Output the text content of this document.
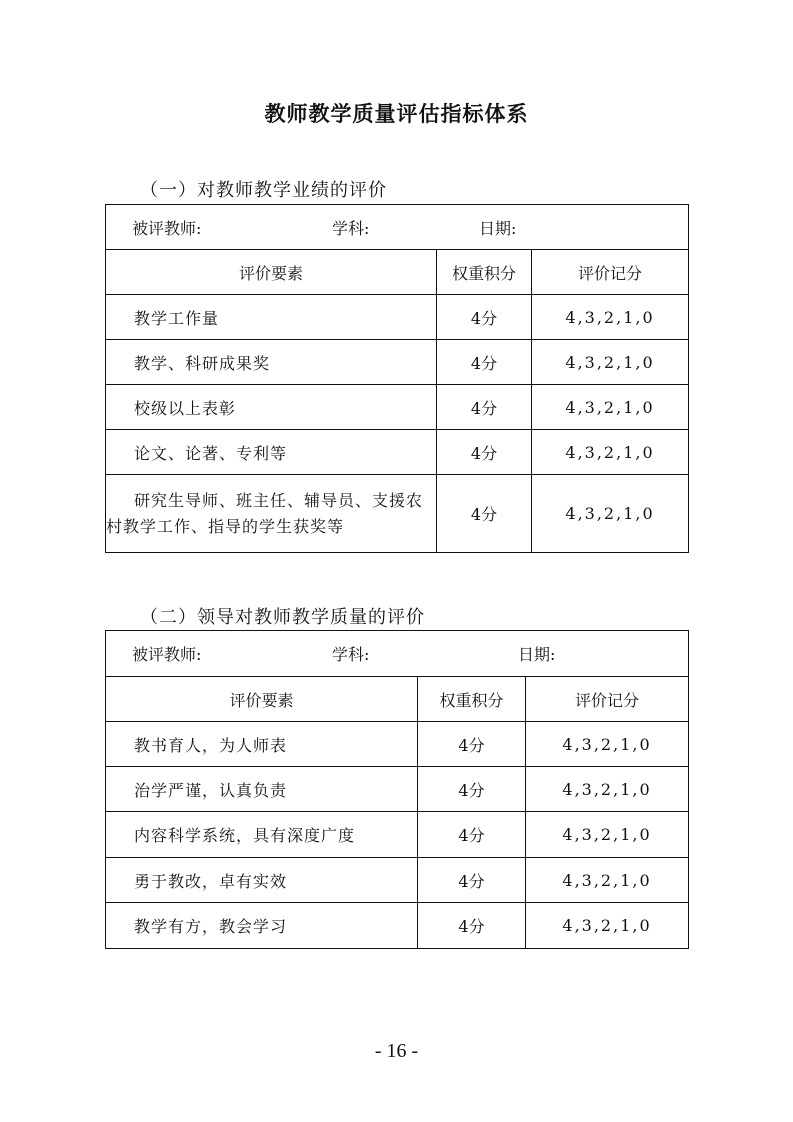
教师教学质量评估指标体系
（一）对教师教学业绩的评价
被评教师: 学科: 日期:		
评价要素	权重积分	评价记分
教学工作量	4分	4,3,2,1,0
教学、科研成果奖	4分	4,3,2,1,0
校级以上表彰	4分	4,3,2,1,0
论文、论著、专利等	4分	4,3,2,1,0
研究生导师、班主任、辅导员、支援农村教学工作、指导的学生获奖等	4分	4,3,2,1,0
（二）领导对教师教学质量的评价
被评教师: 学科: 日期:		
评价要素	权重积分	评价记分
教书育人，为人师表	4分	4,3,2,1,0
治学严谨，认真负责	4分	4,3,2,1,0
内容科学系统，具有深度广度	4分	4,3,2,1,0
勇于教改，卓有实效	4分	4,3,2,1,0
教学有方，教会学习	4分	4,3,2,1,0
- 16 -
